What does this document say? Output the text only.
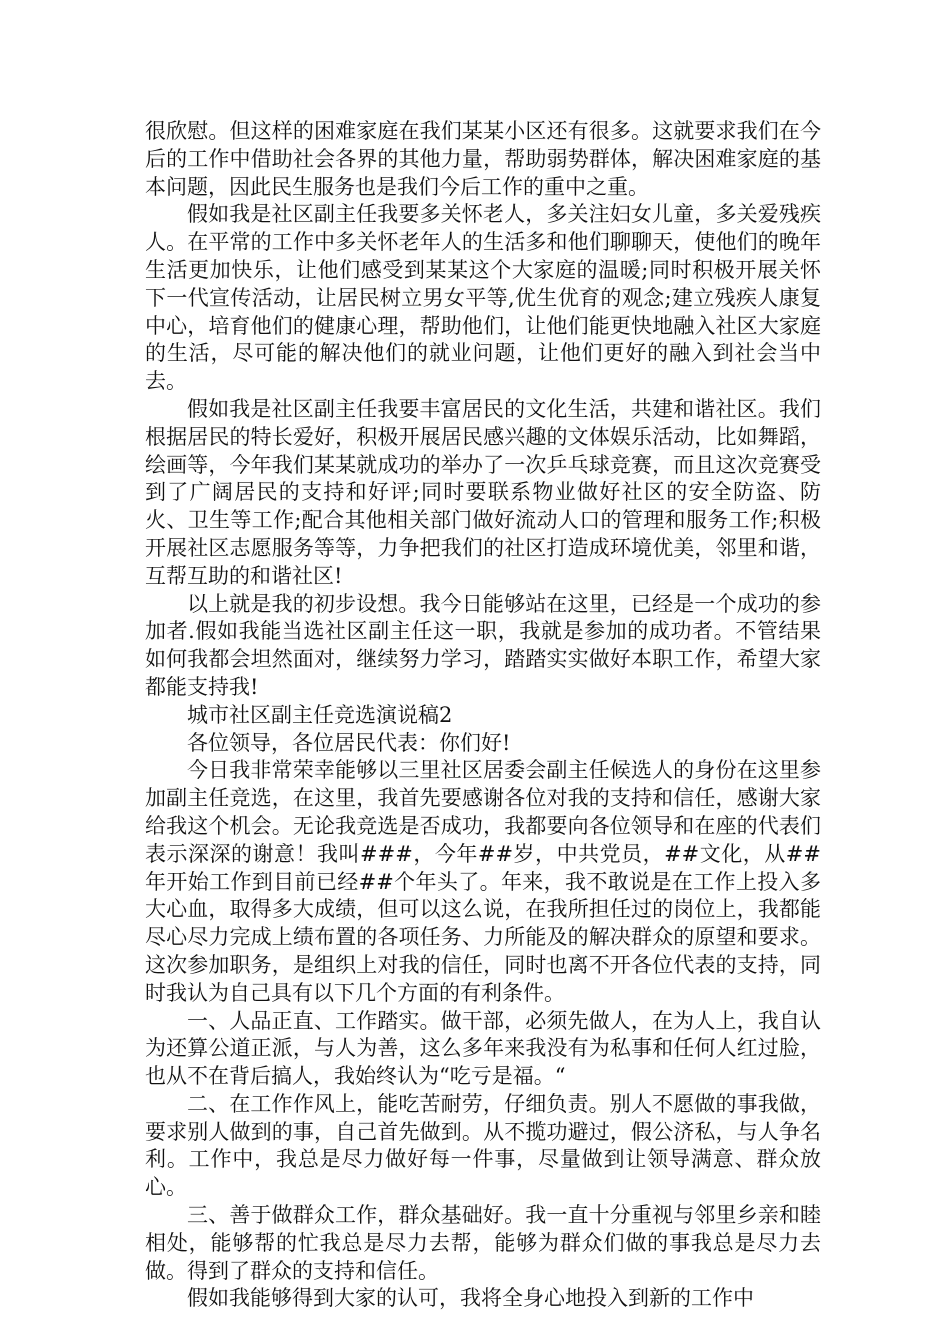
很欣慰。但这样的困难家庭在我们某某小区还有很多。这就要求我们在今后的工作中借助社会各界的其他力量，帮助弱势群体，解决困难家庭的基本问题，因此民生服务也是我们今后工作的重中之重。

假如我是社区副主任我要多关怀老人，多关注妇女儿童，多关爱残疾人。在平常的工作中多关怀老年人的生活多和他们聊聊天，使他们的晚年生活更加快乐，让他们感受到某某这个大家庭的温暖;同时积极开展关怀下一代宣传活动，让居民树立男女平等,优生优育的观念;建立残疾人康复中心，培育他们的健康心理，帮助他们，让他们能更快地融入社区大家庭的生活，尽可能的解决他们的就业问题，让他们更好的融入到社会当中去。

假如我是社区副主任我要丰富居民的文化生活，共建和谐社区。我们根据居民的特长爱好，积极开展居民感兴趣的文体娱乐活动，比如舞蹈，绘画等，今年我们某某就成功的举办了一次乒乓球竞赛，而且这次竞赛受到了广阔居民的支持和好评;同时要联系物业做好社区的安全防盗、防火、卫生等工作;配合其他相关部门做好流动人口的管理和服务工作;积极开展社区志愿服务等等，力争把我们的社区打造成环境优美，邻里和谐，互帮互助的和谐社区!

以上就是我的初步设想。我今日能够站在这里，已经是一个成功的参加者.假如我能当选社区副主任这一职，我就是参加的成功者。不管结果如何我都会坦然面对，继续努力学习，踏踏实实做好本职工作，希望大家都能支持我!

城市社区副主任竞选演说稿2

各位领导，各位居民代表：你们好!

今日我非常荣幸能够以三里社区居委会副主任候选人的身份在这里参加副主任竞选，在这里，我首先要感谢各位对我的支持和信任，感谢大家给我这个机会。无论我竞选是否成功，我都要向各位领导和在座的代表们表示深深的谢意！我叫###，今年##岁，中共党员，##文化，从##年开始工作到目前已经##个年头了。年来，我不敢说是在工作上投入多大心血，取得多大成绩，但可以这么说，在我所担任过的岗位上，我都能尽心尽力完成上绩布置的各项任务、力所能及的解决群众的原望和要求。这次参加职务，是组织上对我的信任，同时也离不开各位代表的支持，同时我认为自己具有以下几个方面的有利条件。

一、人品正直、工作踏实。做干部，必须先做人，在为人上，我自认为还算公道正派，与人为善，这么多年来我没有为私事和任何人红过脸，也从不在背后搞人，我始终认为“吃亏是福。“

二、在工作作风上，能吃苦耐劳，仔细负责。别人不愿做的事我做，要求别人做到的事，自己首先做到。从不揽功避过，假公济私，与人争名利。工作中，我总是尽力做好每一件事，尽量做到让领导满意、群众放心。

三、善于做群众工作，群众基础好。我一直十分重视与邻里乡亲和睦相处，能够帮的忙我总是尽力去帮，能够为群众们做的事我总是尽力去做。得到了群众的支持和信任。

假如我能够得到大家的认可，我将全身心地投入到新的工作中
